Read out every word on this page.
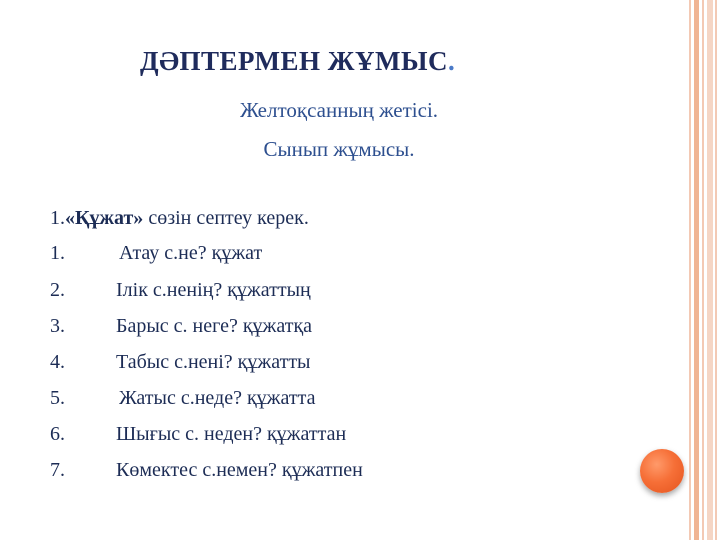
ДӘПТЕРМЕН ЖҰМЫС.
Желтоқсанның жетісі.
Сынып жұмысы.
1.«Құжат» сөзін септеу керек.
1.	Атау с.не? құжат
2.	Ілік с.ненің? құжаттың
3.	Барыс с. неге? құжатқа
4.	Табыс с.нені? құжатты
5.	Жатыс с.неде? құжатта
6.	Шығыс с. неден? құжаттан
7.	Көмектес с.немен? құжатпен
